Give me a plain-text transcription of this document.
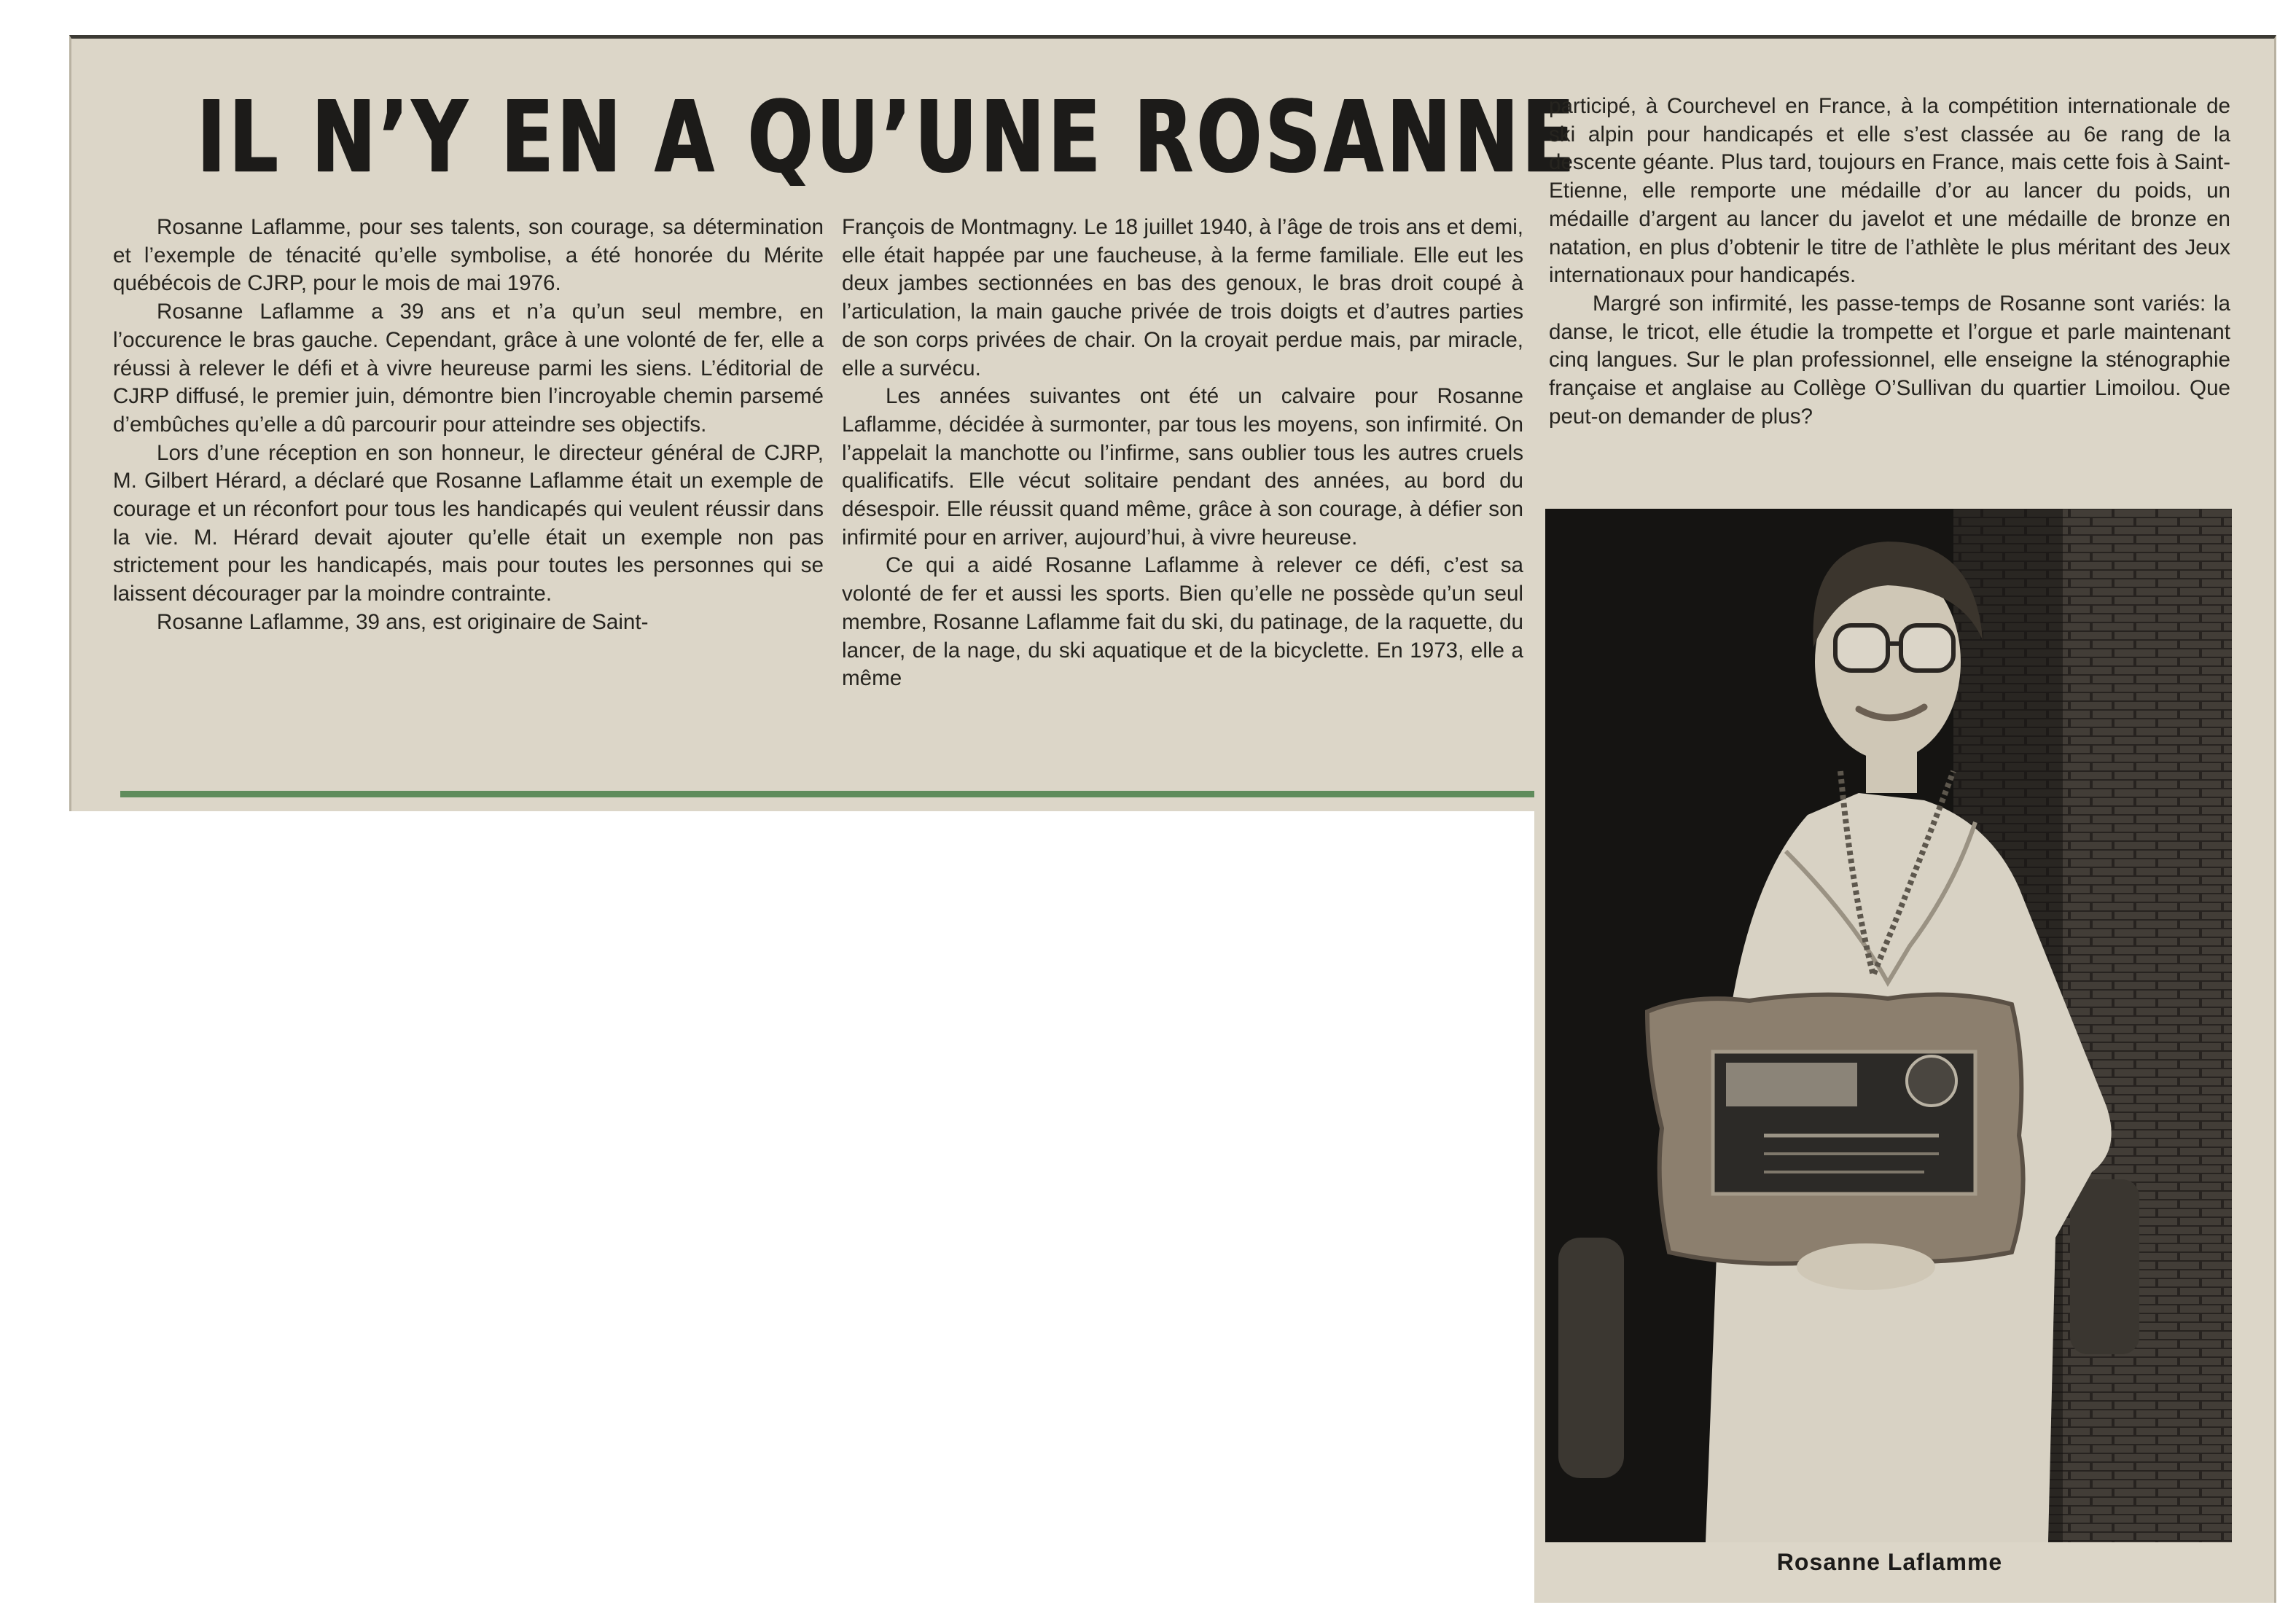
IL N’Y EN A QU’UNE ROSANNE

Rosanne Laflamme, pour ses talents, son courage, sa détermination et l’exemple de ténacité qu’elle symbolise, a été honorée du Mérite québécois de CJRP, pour le mois de mai 1976.

Rosanne Laflamme a 39 ans et n’a qu’un seul membre, en l’occurence le bras gauche. Cependant, grâce à une volonté de fer, elle a réussi à relever le défi et à vivre heureuse parmi les siens. L’éditorial de CJRP diffusé, le premier juin, démontre bien l’incroyable chemin parsemé d’embûches qu’elle a dû parcourir pour atteindre ses objectifs.

Lors d’une réception en son honneur, le directeur général de CJRP, M. Gilbert Hérard, a déclaré que Rosanne Laflamme était un exemple de courage et un réconfort pour tous les handicapés qui veulent réussir dans la vie. M. Hérard devait ajouter qu’elle était un exemple non pas strictement pour les handicapés, mais pour toutes les personnes qui se laissent décourager par la moindre contrainte.

Rosanne Laflamme, 39 ans, est originaire de Saint-

François de Montmagny. Le 18 juillet 1940, à l’âge de trois ans et demi, elle était happée par une faucheuse, à la ferme familiale. Elle eut les deux jambes sectionnées en bas des genoux, le bras droit coupé à l’articulation, la main gauche privée de trois doigts et d’autres parties de son corps privées de chair. On la croyait perdue mais, par miracle, elle a survécu.

Les années suivantes ont été un calvaire pour Rosanne Laflamme, décidée à surmonter, par tous les moyens, son infirmité. On l’appelait la manchotte ou l’infirme, sans oublier tous les autres cruels qualificatifs. Elle vécut solitaire pendant des années, au bord du désespoir. Elle réussit quand même, grâce à son courage, à défier son infirmité pour en arriver, aujourd’hui, à vivre heureuse.

Ce qui a aidé Rosanne Laflamme à relever ce défi, c’est sa volonté de fer et aussi les sports. Bien qu’elle ne possède qu’un seul membre, Rosanne Laflamme fait du ski, du patinage, de la raquette, du lancer, de la nage, du ski aquatique et de la bicyclette. En 1973, elle a même

participé, à Courchevel en France, à la compétition internationale de ski alpin pour handicapés et elle s’est classée au 6e rang de la descente géante. Plus tard, toujours en France, mais cette fois à Saint-Etienne, elle remporte une médaille d’or au lancer du poids, un médaille d’argent au lancer du javelot et une médaille de bronze en natation, en plus d’obtenir le titre de l’athlète le plus méritant des Jeux internationaux pour handicapés.

Margré son infirmité, les passe-temps de Rosanne sont variés: la danse, le tricot, elle étudie la trompette et l’orgue et parle maintenant cinq langues. Sur le plan professionnel, elle enseigne la sténographie française et anglaise au Collège O’Sullivan du quartier Limoilou. Que peut-on demander de plus?

Rosanne Laflamme
